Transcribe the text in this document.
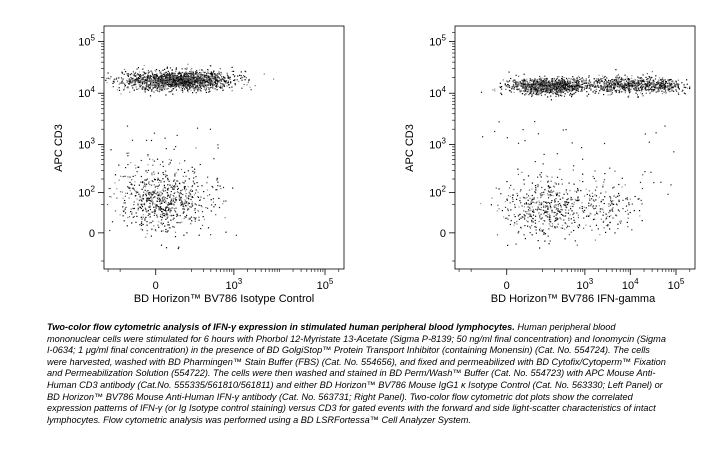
0	$10^3$	$10^5$
0
$10^2$
$10^3$
$10^4$
$10^5$
BD Horizon™ BV786 Isotype Control
APC CD3
0	$10^3$	$10^4$	$10^5$
0
$10^2$
$10^3$
$10^4$
$10^5$
BD Horizon™ BV786 IFN-gamma
APC CD3

Two-color flow cytometric analysis of IFN-γ expression in stimulated human peripheral blood lymphocytes. Human peripheral blood mononuclear cells were stimulated for 6 hours with Phorbol 12-Myristate 13-Acetate (Sigma P-8139; 50 ng/ml final concentration) and Ionomycin (Sigma I-0634; 1 μg/ml final concentration) in the presence of BD GolgiStop™ Protein Transport Inhibitor (containing Monensin) (Cat. No. 554724). The cells were harvested, washed with BD Pharmingen™ Stain Buffer (FBS) (Cat. No. 554656), and fixed and permeabilized with BD Cytofix/Cytoperm™ Fixation and Permeabilization Solution (554722). The cells were then washed and stained in BD Perm/Wash™ Buffer (Cat. No. 554723) with APC Mouse Anti-Human CD3 antibody (Cat.No. 555335/561810/561811) and either BD Horizon™ BV786 Mouse IgG1 κ Isotype Control (Cat. No. 563330; Left Panel) or BD Horizon™ BV786 Mouse Anti-Human IFN-γ antibody (Cat. No. 563731; Right Panel). Two-color flow cytometric dot plots show the correlated expression patterns of IFN-γ (or Ig Isotype control staining) versus CD3 for gated events with the forward and side light-scatter characteristics of intact lymphocytes. Flow cytometric analysis was performed using a BD LSRFortessa™ Cell Analyzer System.
